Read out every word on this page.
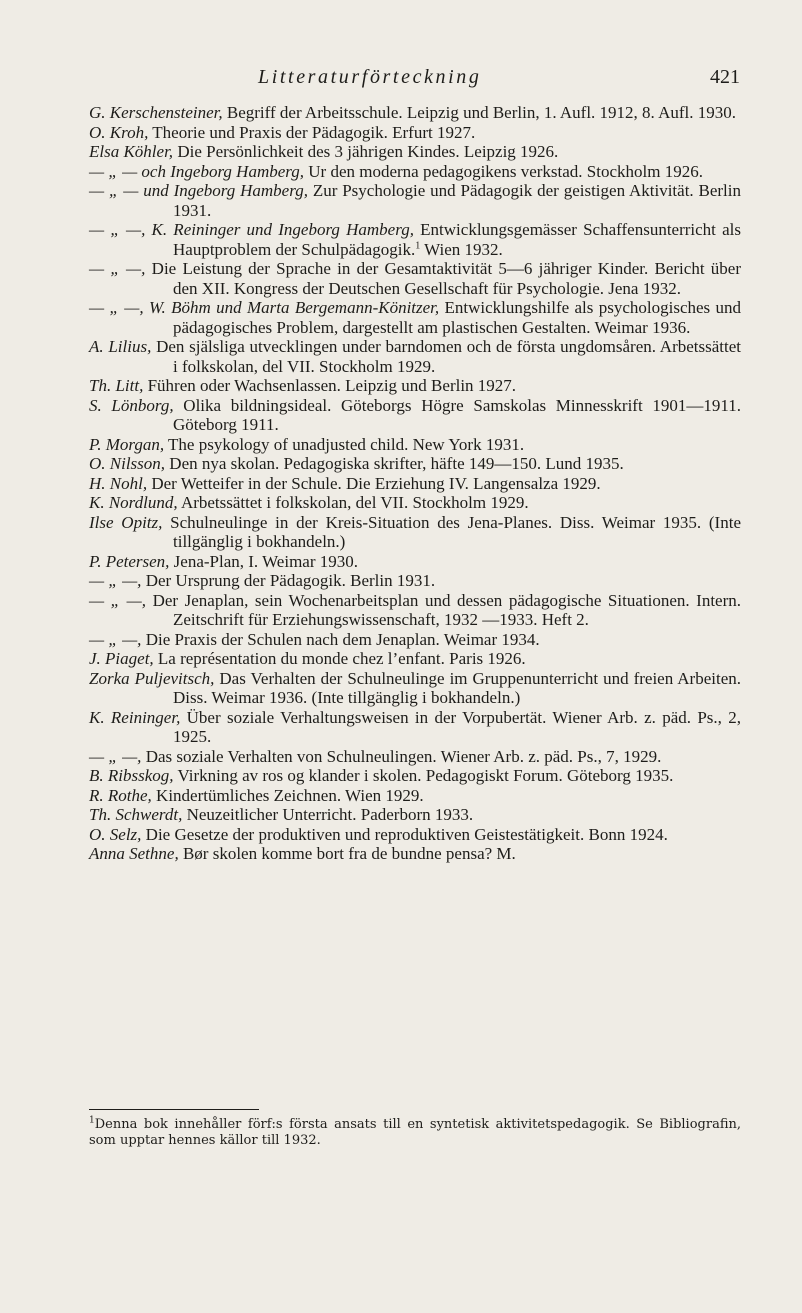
Litteraturförteckning	421
G. Kerschensteiner, Begriff der Arbeitsschule. Leipzig und Berlin, 1. Aufl. 1912, 8. Aufl. 1930.
O. Kroh, Theorie und Praxis der Pädagogik. Erfurt 1927.
Elsa Köhler, Die Persönlichkeit des 3 jährigen Kindes. Leipzig 1926.
— „ — och Ingeborg Hamberg, Ur den moderna pedagogikens verkstad. Stockholm 1926.
— „ — und Ingeborg Hamberg, Zur Psychologie und Pädagogik der geistigen Aktivität. Berlin 1931.
— „ —, K. Reininger und Ingeborg Hamberg, Entwicklungsgemässer Schaffensunterricht als Hauptproblem der Schulpädagogik.$^1$ Wien 1932.
— „ —, Die Leistung der Sprache in der Gesamtaktivität 5—6 jähriger Kinder. Bericht über den XII. Kongress der Deutschen Gesellschaft für Psychologie. Jena 1932.
— „ —, W. Böhm und Marta Bergemann-Könitzer, Entwicklungshilfe als psychologisches und pädagogisches Problem, dargestellt am plastischen Gestalten. Weimar 1936.
A. Lilius, Den själsliga utvecklingen under barndomen och de första ungdomsåren. Arbetssättet i folkskolan, del VII. Stockholm 1929.
Th. Litt, Führen oder Wachsenlassen. Leipzig und Berlin 1927.
S. Lönborg, Olika bildningsideal. Göteborgs Högre Samskolas Minnesskrift 1901—1911. Göteborg 1911.
P. Morgan, The psykology of unadjusted child. New York 1931.
O. Nilsson, Den nya skolan. Pedagogiska skrifter, häfte 149—150. Lund 1935.
H. Nohl, Der Wetteifer in der Schule. Die Erziehung IV. Langensalza 1929.
K. Nordlund, Arbetssättet i folkskolan, del VII. Stockholm 1929.
Ilse Opitz, Schulneulinge in der Kreis-Situation des Jena-Planes. Diss. Weimar 1935. (Inte tillgänglig i bokhandeln.)
P. Petersen, Jena-Plan, I. Weimar 1930.
— „ —, Der Ursprung der Pädagogik. Berlin 1931.
— „ —, Der Jenaplan, sein Wochenarbeitsplan und dessen pädagogische Situationen. Intern. Zeitschrift für Erziehungswissenschaft, 1932 —1933. Heft 2.
— „ —, Die Praxis der Schulen nach dem Jenaplan. Weimar 1934.
J. Piaget, La représentation du monde chez l’enfant. Paris 1926.
Zorka Puljevitsch, Das Verhalten der Schulneulinge im Gruppenunterricht und freien Arbeiten. Diss. Weimar 1936. (Inte tillgänglig i bokhandeln.)
K. Reininger, Über soziale Verhaltungsweisen in der Vorpubertät. Wiener Arb. z. päd. Ps., 2, 1925.
— „ —, Das soziale Verhalten von Schulneulingen. Wiener Arb. z. päd. Ps., 7, 1929.
B. Ribsskog, Virkning av ros og klander i skolen. Pedagogiskt Forum. Göteborg 1935.
R. Rothe, Kindertümliches Zeichnen. Wien 1929.
Th. Schwerdt, Neuzeitlicher Unterricht. Paderborn 1933.
O. Selz, Die Gesetze der produktiven und reproduktiven Geistestätigkeit. Bonn 1924.
Anna Sethne, Bør skolen komme bort fra de bundne pensa? M.
$^1$Denna bok innehåller förf:s första ansats till en syntetisk aktivitetspedagogik. Se Bibliografin, som upptar hennes källor till 1932.
